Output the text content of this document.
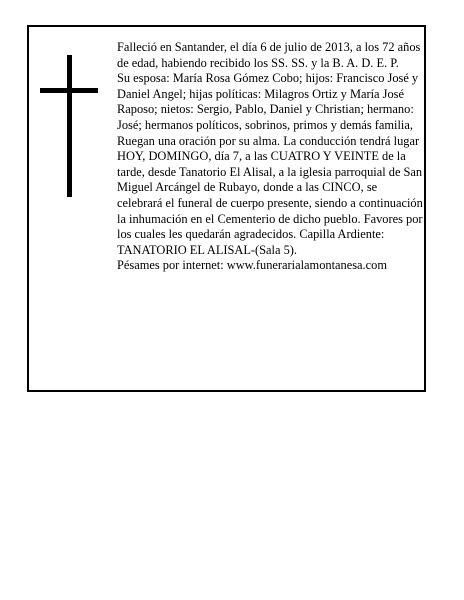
Falleció en Santander, el día 6 de julio de 2013, a los 72 años de edad, habiendo recibido los SS. SS. y la B. A. D. E. P.

Su esposa: María Rosa Gómez Cobo; hijos: Francisco José y Daniel Angel; hijas políticas: Milagros Ortiz y María José Raposo; nietos: Sergio, Pablo, Daniel y Christian; hermano: José; hermanos políticos, sobrinos, primos y demás familia,

Ruegan una oración por su alma. La conducción tendrá lugar HOY, DOMINGO, día 7, a las CUATRO Y VEINTE de la tarde, desde Tanatorio El Alisal, a la iglesia parroquial de San Miguel Arcángel de Rubayo, donde a las CINCO, se celebrará el funeral de cuerpo presente, siendo a continuación la inhumación en el Cementerio de dicho pueblo. Favores por los cuales les quedarán agradecidos. Capilla Ardiente: TANATORIO EL ALISAL-(Sala 5).

Pésames por internet: www.funerarialamontanesa.com
